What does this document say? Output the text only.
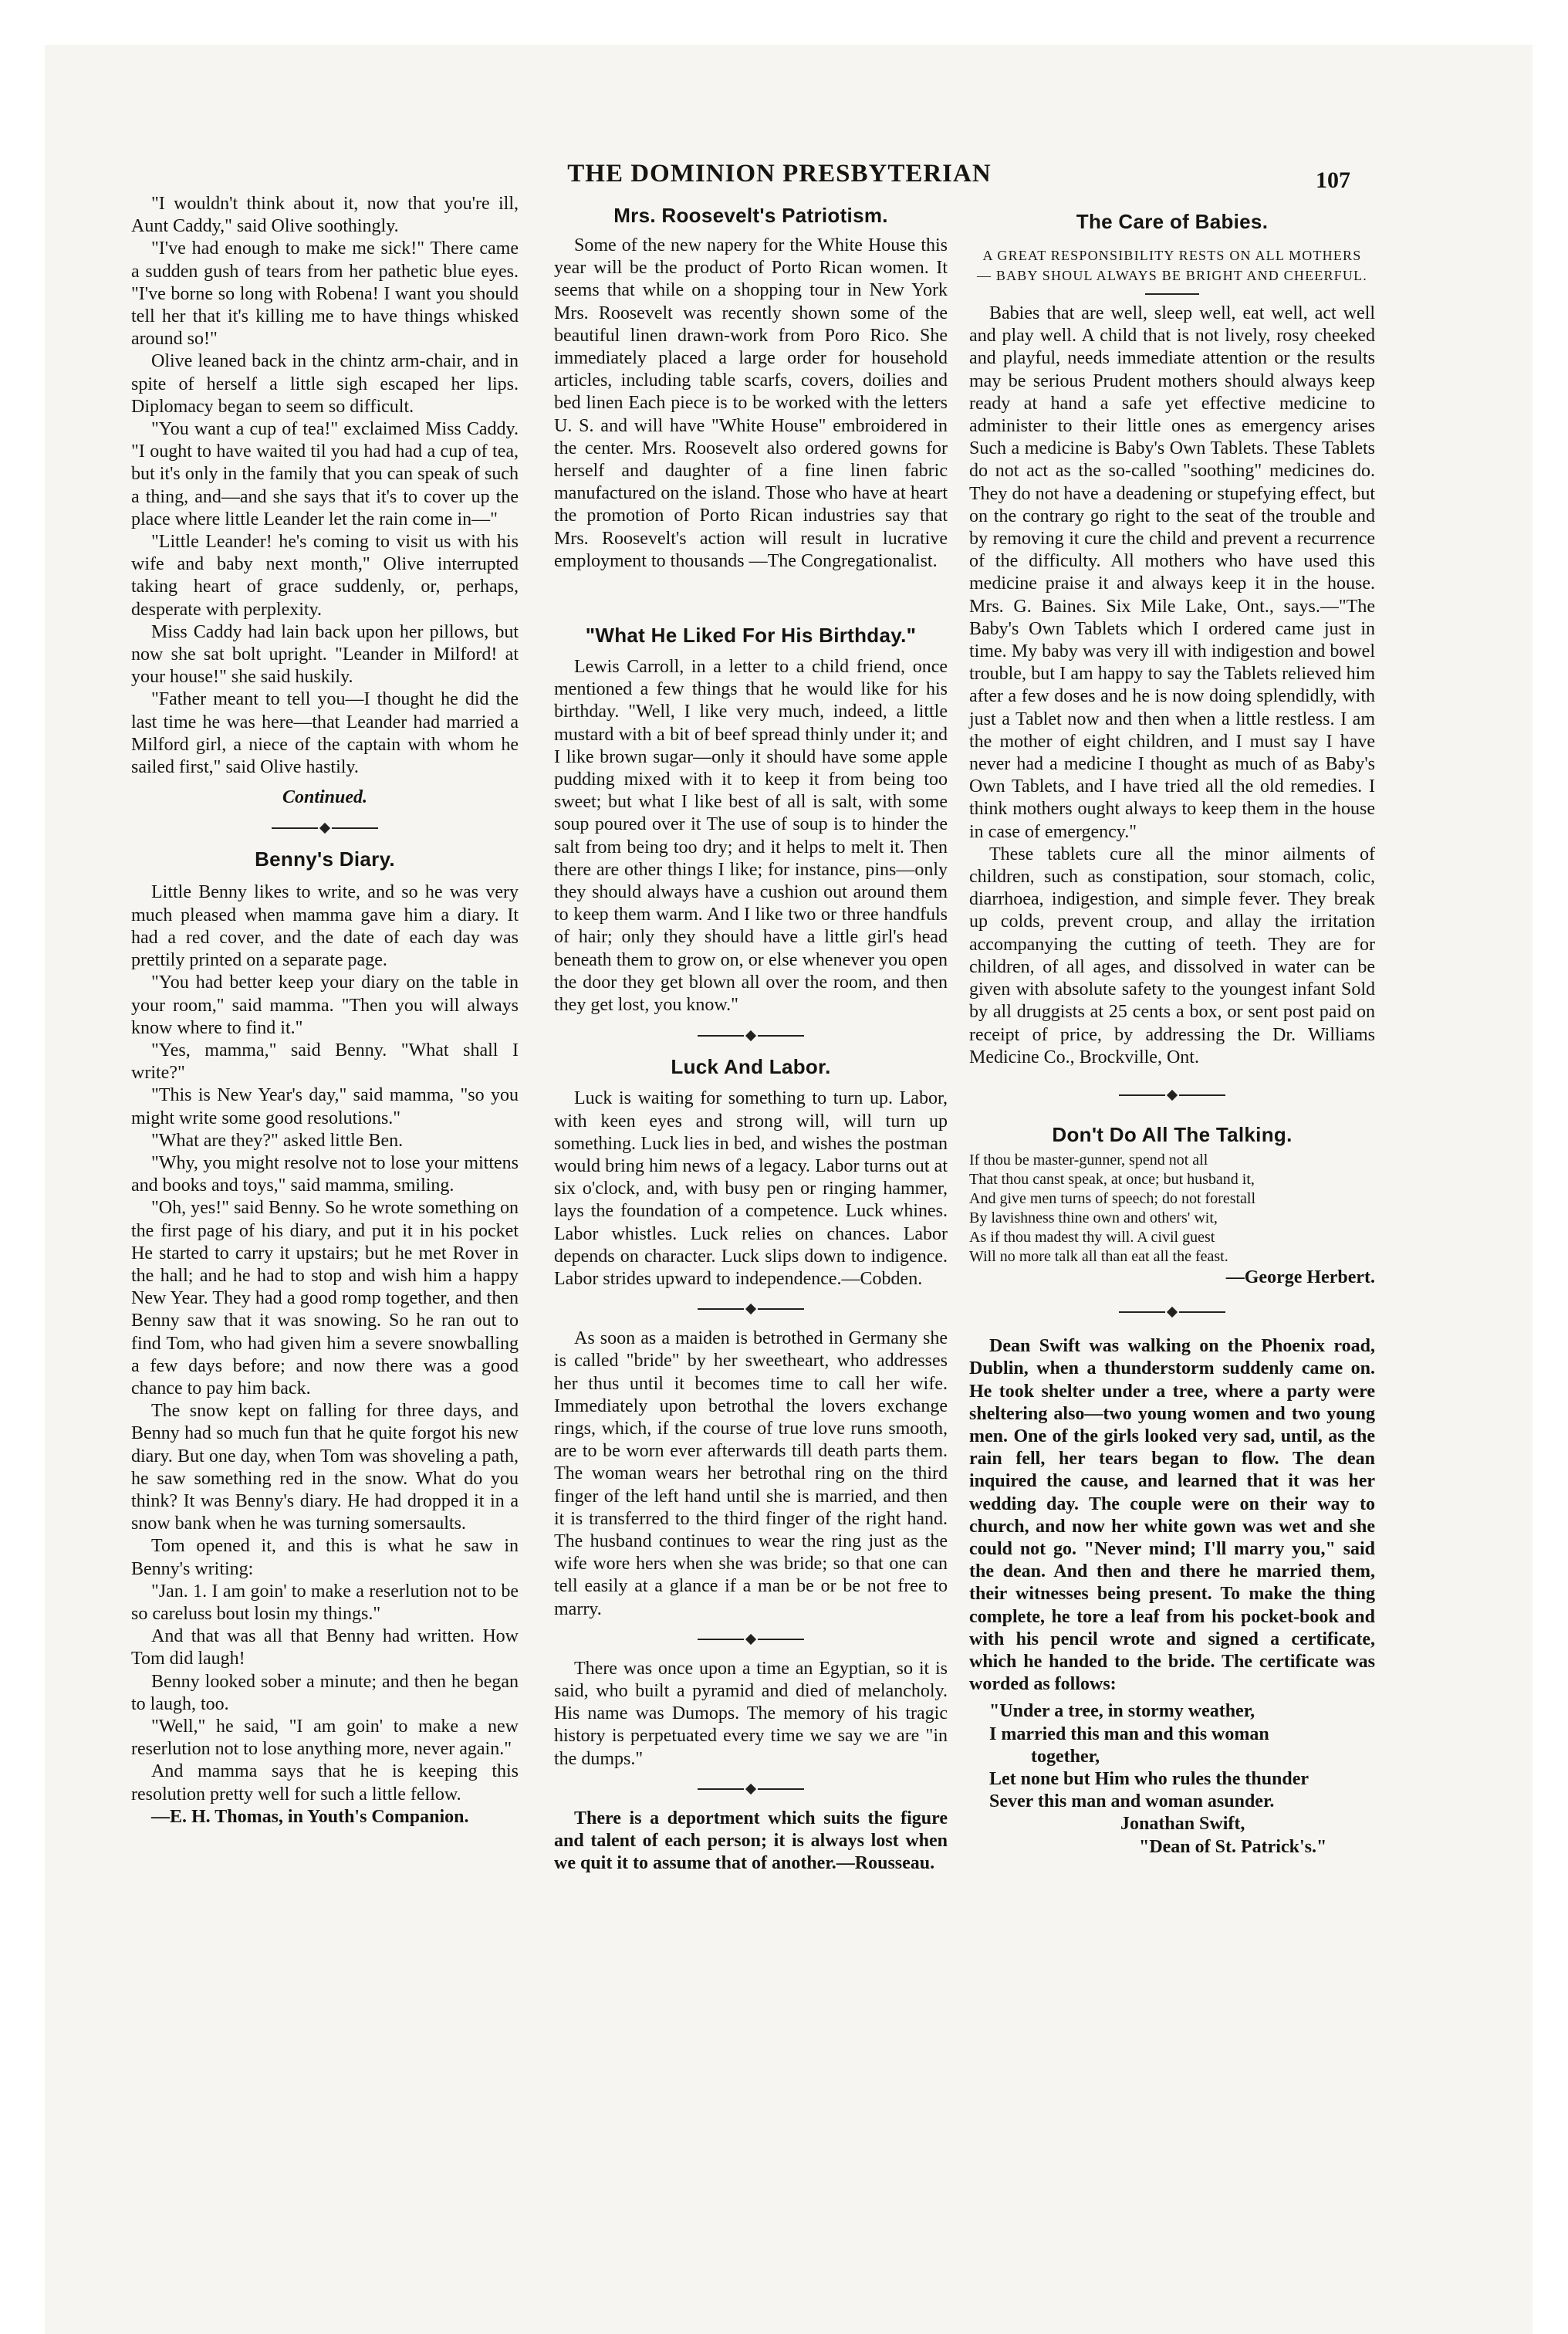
THE DOMINION PRESBYTERIAN	107

"I wouldn't think about it, now that you're ill, Aunt Caddy," said Olive soothingly.

"I've had enough to make me sick!" There came a sudden gush of tears from her pathetic blue eyes. "I've borne so long with Robena! I want you should tell her that it's killing me to have things whisked around so!"

Olive leaned back in the chintz arm-chair, and in spite of herself a little sigh escaped her lips. Diplomacy began to seem so difficult.

"You want a cup of tea!" exclaimed Miss Caddy. "I ought to have waited til you had had a cup of tea, but it's only in the family that you can speak of such a thing, and—and she says that it's to cover up the place where little Leander let the rain come in—"

"Little Leander! he's coming to visit us with his wife and baby next month," Olive interrupted taking heart of grace suddenly, or, perhaps, desperate with perplexity.

Miss Caddy had lain back upon her pillows, but now she sat bolt upright. "Leander in Milford! at your house!" she said huskily.

"Father meant to tell you—I thought he did the last time he was here—that Leander had married a Milford girl, a niece of the captain with whom he sailed first," said Olive hastily.

Continued.
Benny's Diary.

Little Benny likes to write, and so he was very much pleased when mamma gave him a diary. It had a red cover, and the date of each day was prettily printed on a separate page.

"You had better keep your diary on the table in your room," said mamma. "Then you will always know where to find it."

"Yes, mamma," said Benny. "What shall I write?"

"This is New Year's day," said mamma, "so you might write some good resolutions."

"What are they?" asked little Ben.

"Why, you might resolve not to lose your mittens and books and toys," said mamma, smiling.

"Oh, yes!" said Benny. So he wrote something on the first page of his diary, and put it in his pocket He started to carry it upstairs; but he met Rover in the hall; and he had to stop and wish him a happy New Year. They had a good romp together, and then Benny saw that it was snowing. So he ran out to find Tom, who had given him a severe snowballing a few days before; and now there was a good chance to pay him back.

The snow kept on falling for three days, and Benny had so much fun that he quite forgot his new diary. But one day, when Tom was shoveling a path, he saw something red in the snow. What do you think? It was Benny's diary. He had dropped it in a snow bank when he was turning somersaults.

Tom opened it, and this is what he saw in Benny's writing:

"Jan. 1. I am goin' to make a reserlution not to be so careluss bout losin my things."

And that was all that Benny had written. How Tom did laugh!

Benny looked sober a minute; and then he began to laugh, too.

"Well," he said, "I am goin' to make a new reserlution not to lose anything more, never again."

And mamma says that he is keeping this resolution pretty well for such a little fellow.

—E. H. Thomas, in Youth's Companion.

Mrs. Roosevelt's Patriotism.

Some of the new napery for the White House this year will be the product of Porto Rican women. It seems that while on a shopping tour in New York Mrs. Roosevelt was recently shown some of the beautiful linen drawn-work from Poro Rico. She immediately placed a large order for household articles, including table scarfs, covers, doilies and bed linen Each piece is to be worked with the letters U. S. and will have "White House" embroidered in the center. Mrs. Roosevelt also ordered gowns for herself and daughter of a fine linen fabric manufactured on the island. Those who have at heart the promotion of Porto Rican industries say that Mrs. Roosevelt's action will result in lucrative employment to thousands —The Congregationalist.

"What He Liked For His Birthday."

Lewis Carroll, in a letter to a child friend, once mentioned a few things that he would like for his birthday. "Well, I like very much, indeed, a little mustard with a bit of beef spread thinly under it; and I like brown sugar—only it should have some apple pudding mixed with it to keep it from being too sweet; but what I like best of all is salt, with some soup poured over it The use of soup is to hinder the salt from being too dry; and it helps to melt it. Then there are other things I like; for instance, pins—only they should always have a cushion out around them to keep them warm. And I like two or three handfuls of hair; only they should have a little girl's head beneath them to grow on, or else whenever you open the door they get blown all over the room, and then they get lost, you know."

Luck And Labor.

Luck is waiting for something to turn up. Labor, with keen eyes and strong will, will turn up something. Luck lies in bed, and wishes the postman would bring him news of a legacy. Labor turns out at six o'clock, and, with busy pen or ringing hammer, lays the foundation of a competence. Luck whines. Labor whistles. Luck relies on chances. Labor depends on character. Luck slips down to indigence. Labor strides upward to independence.—Cobden.

As soon as a maiden is betrothed in Germany she is called "bride" by her sweetheart, who addresses her thus until it becomes time to call her wife. Immediately upon betrothal the lovers exchange rings, which, if the course of true love runs smooth, are to be worn ever afterwards till death parts them. The woman wears her betrothal ring on the third finger of the left hand until she is married, and then it is transferred to the third finger of the right hand. The husband continues to wear the ring just as the wife wore hers when she was bride; so that one can tell easily at a glance if a man be or be not free to marry.

There was once upon a time an Egyptian, so it is said, who built a pyramid and died of melancholy. His name was Dumops. The memory of his tragic history is perpetuated every time we say we are "in the dumps."

There is a deportment which suits the figure and talent of each person; it is always lost when we quit it to assume that of another.—Rousseau.

The Care of Babies.
A GREAT RESPONSIBILITY RESTS ON ALL MOTHERS — BABY SHOUL ALWAYS BE BRIGHT AND CHEERFUL.

Babies that are well, sleep well, eat well, act well and play well. A child that is not lively, rosy cheeked and playful, needs immediate attention or the results may be serious Prudent mothers should always keep ready at hand a safe yet effective medicine to administer to their little ones as emergency arises Such a medicine is Baby's Own Tablets. These Tablets do not act as the so-called "soothing" medicines do. They do not have a deadening or stupefying effect, but on the contrary go right to the seat of the trouble and by removing it cure the child and prevent a recurrence of the difficulty. All mothers who have used this medicine praise it and always keep it in the house. Mrs. G. Baines. Six Mile Lake, Ont., says.—"The Baby's Own Tablets which I ordered came just in time. My baby was very ill with indigestion and bowel trouble, but I am happy to say the Tablets relieved him after a few doses and he is now doing splendidly, with just a Tablet now and then when a little restless. I am the mother of eight children, and I must say I have never had a medicine I thought as much of as Baby's Own Tablets, and I have tried all the old remedies. I think mothers ought always to keep them in the house in case of emergency."

These tablets cure all the minor ailments of children, such as constipation, sour stomach, colic, diarrhoea, indigestion, and simple fever. They break up colds, prevent croup, and allay the irritation accompanying the cutting of teeth. They are for children, of all ages, and dissolved in water can be given with absolute safety to the youngest infant Sold by all druggists at 25 cents a box, or sent post paid on receipt of price, by addressing the Dr. Williams Medicine Co., Brockville, Ont.

Don't Do All The Talking.
If thou be master-gunner, spend not all
That thou canst speak, at once; but husband it,
And give men turns of speech; do not forestall
By lavishness thine own and others' wit,
As if thou madest thy will. A civil guest
Will no more talk all than eat all the feast.
—George Herbert.

Dean Swift was walking on the Phoenix road, Dublin, when a thunderstorm suddenly came on. He took shelter under a tree, where a party were sheltering also—two young women and two young men. One of the girls looked very sad, until, as the rain fell, her tears began to flow. The dean inquired the cause, and learned that it was her wedding day. The couple were on their way to church, and now her white gown was wet and she could not go. "Never mind; I'll marry you," said the dean. And then and there he married them, their witnesses being present. To make the thing complete, he tore a leaf from his pocket-book and with his pencil wrote and signed a certificate, which he handed to the bride. The certificate was worded as follows:

"Under a tree, in stormy weather,
I married this man and this woman
together,
Let none but Him who rules the thunder
Sever this man and woman asunder.
Jonathan Swift,
"Dean of St. Patrick's."
